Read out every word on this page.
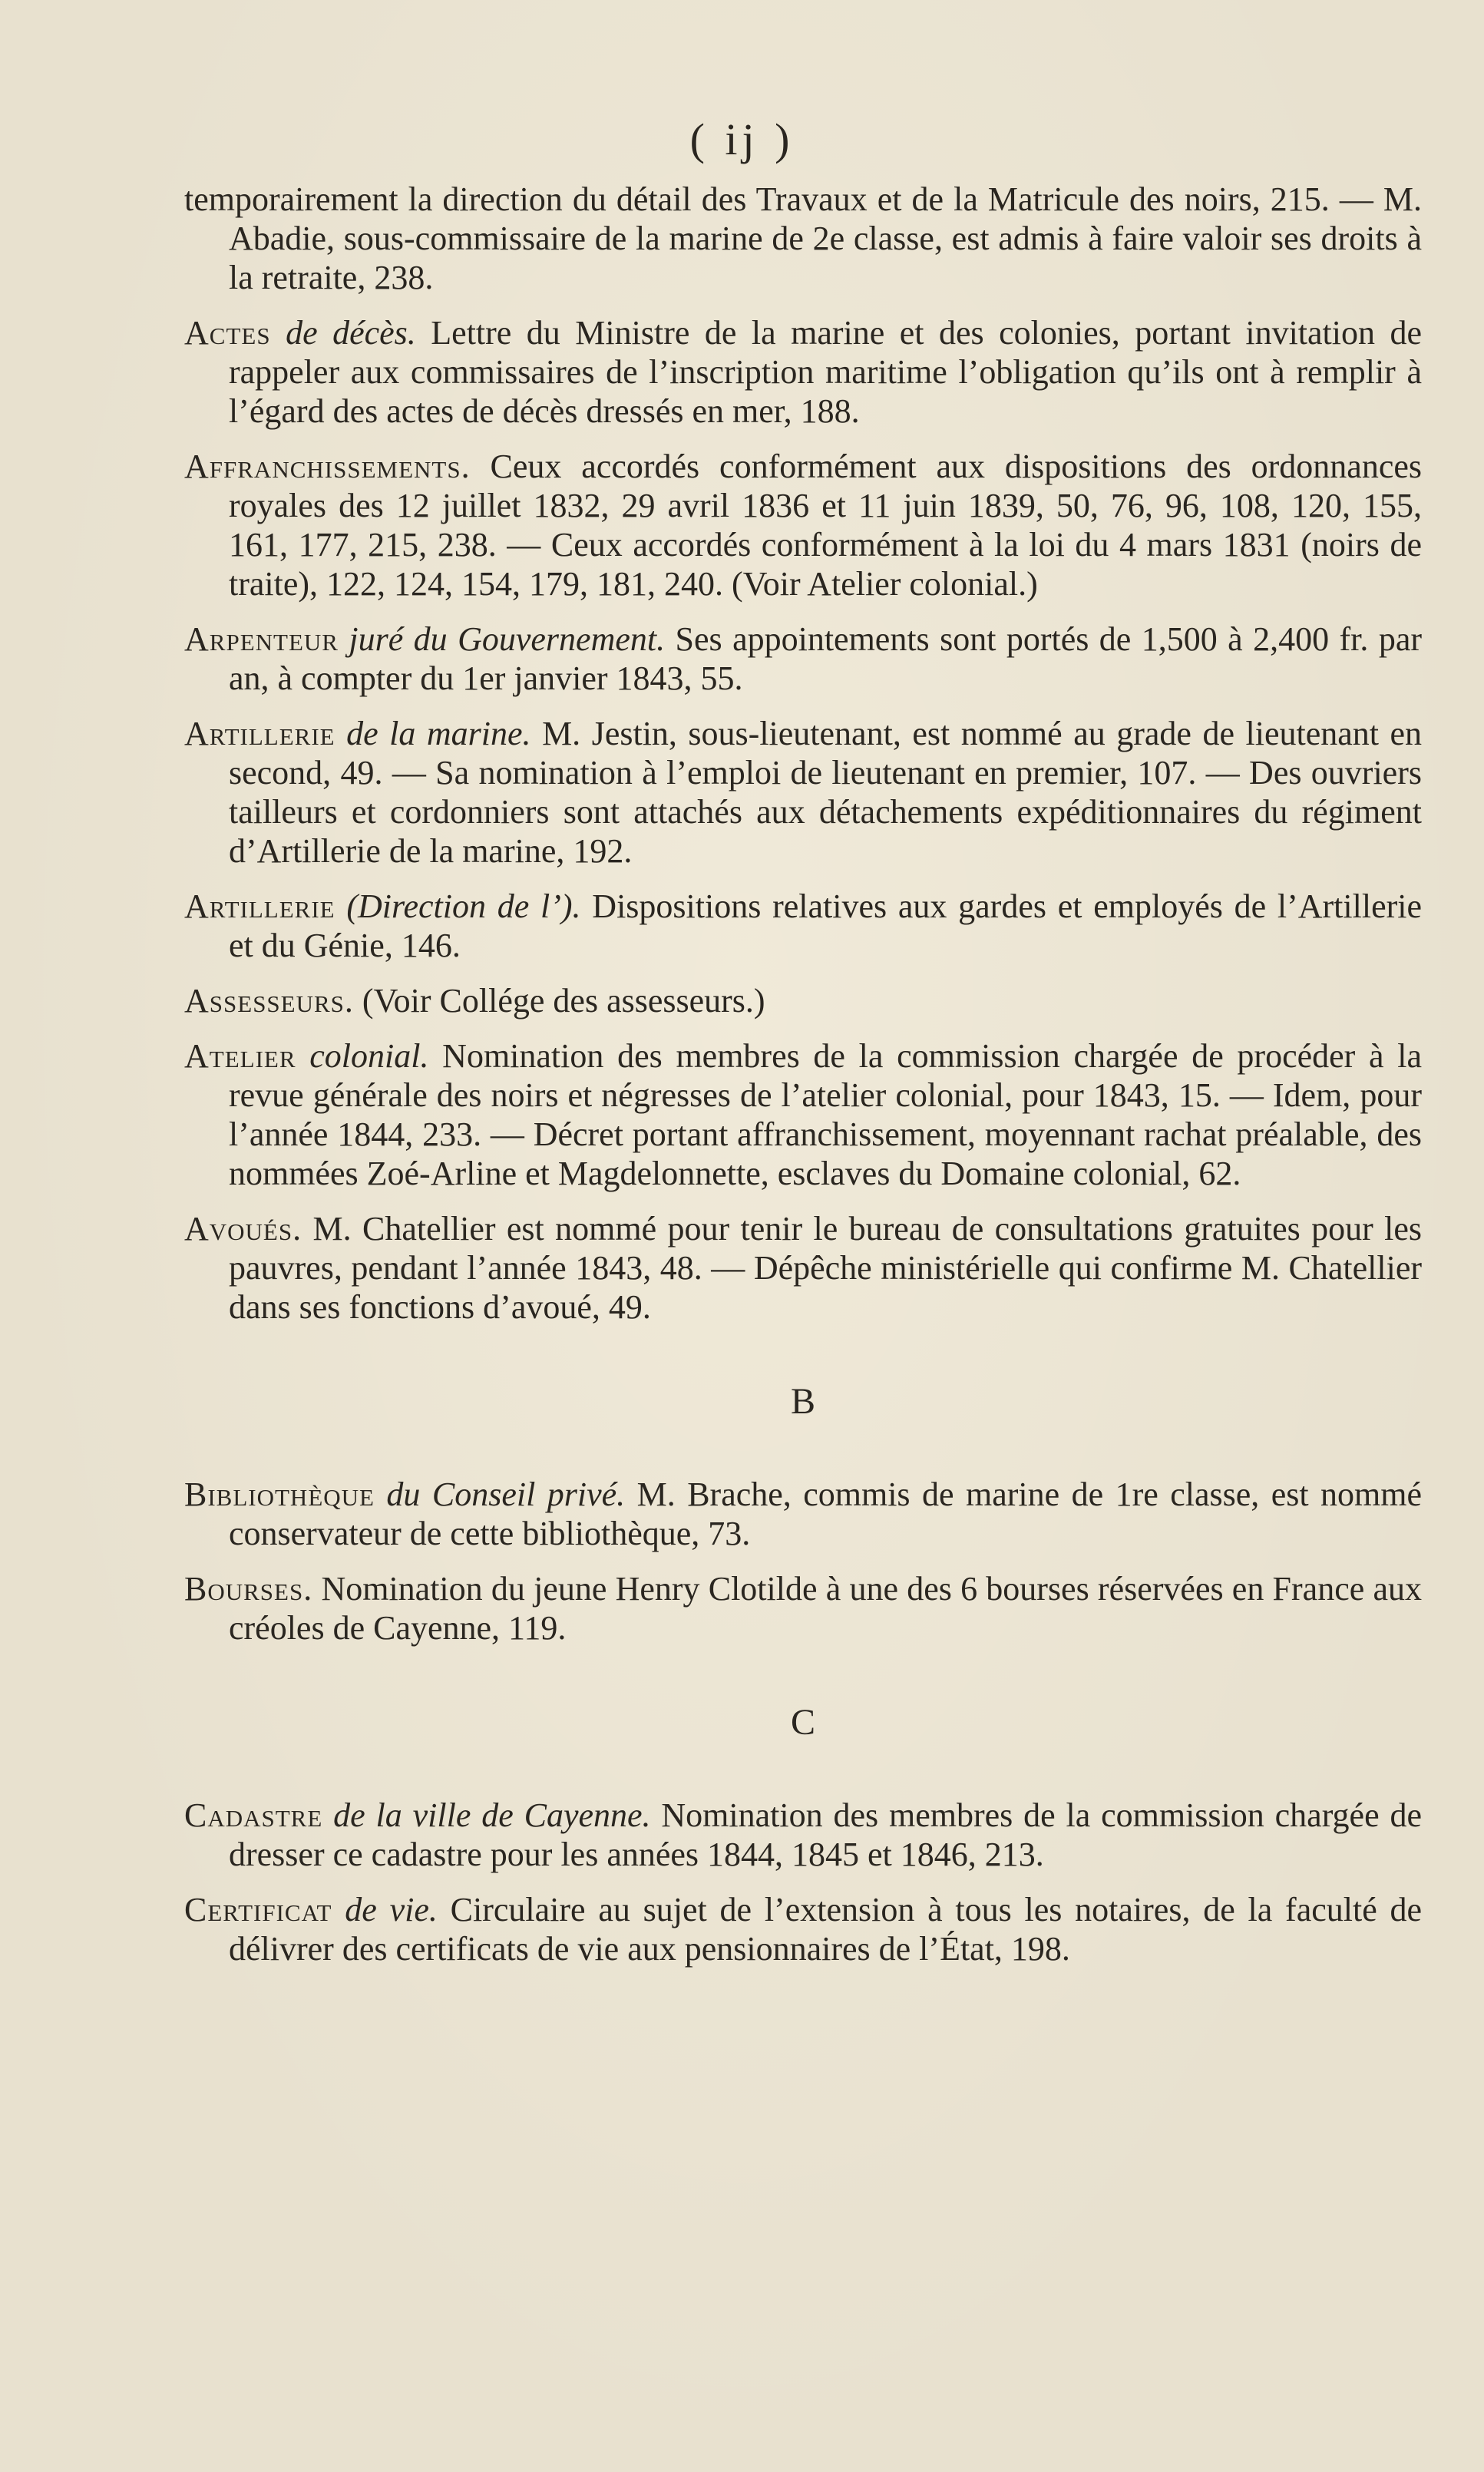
( ij )

temporairement la direction du détail des Travaux et de la Matricule des noirs, 215. — M. Abadie, sous-commissaire de la marine de 2e classe, est admis à faire valoir ses droits à la retraite, 238.

Actes de décès. Lettre du Ministre de la marine et des colonies, portant invitation de rappeler aux commissaires de l’inscription maritime l’obligation qu’ils ont à remplir à l’égard des actes de décès dressés en mer, 188.

Affranchissements. Ceux accordés conformément aux dispositions des ordonnances royales des 12 juillet 1832, 29 avril 1836 et 11 juin 1839, 50, 76, 96, 108, 120, 155, 161, 177, 215, 238. — Ceux accordés conformément à la loi du 4 mars 1831 (noirs de traite), 122, 124, 154, 179, 181, 240. (Voir Atelier colonial.)

Arpenteur juré du Gouvernement. Ses appointements sont portés de 1,500 à 2,400 fr. par an, à compter du 1er janvier 1843, 55.

Artillerie de la marine. M. Jestin, sous-lieutenant, est nommé au grade de lieutenant en second, 49. — Sa nomination à l’emploi de lieutenant en premier, 107. — Des ouvriers tailleurs et cordonniers sont attachés aux détachements expéditionnaires du régiment d’Artillerie de la marine, 192.

Artillerie (Direction de l’). Dispositions relatives aux gardes et employés de l’Artillerie et du Génie, 146.

Assesseurs. (Voir Collége des assesseurs.)

Atelier colonial. Nomination des membres de la commission chargée de procéder à la revue générale des noirs et négresses de l’atelier colonial, pour 1843, 15. — Idem, pour l’année 1844, 233. — Décret portant affranchissement, moyennant rachat préalable, des nommées Zoé-Arline et Magdelonnette, esclaves du Domaine colonial, 62.

Avoués. M. Chatellier est nommé pour tenir le bureau de consultations gratuites pour les pauvres, pendant l’année 1843, 48. — Dépêche ministérielle qui confirme M. Chatellier dans ses fonctions d’avoué, 49.

B

Bibliothèque du Conseil privé. M. Brache, commis de marine de 1re classe, est nommé conservateur de cette bibliothèque, 73.

Bourses. Nomination du jeune Henry Clotilde à une des 6 bourses réservées en France aux créoles de Cayenne, 119.

C

Cadastre de la ville de Cayenne. Nomination des membres de la commission chargée de dresser ce cadastre pour les années 1844, 1845 et 1846, 213.

Certificat de vie. Circulaire au sujet de l’extension à tous les notaires, de la faculté de délivrer des certificats de vie aux pensionnaires de l’État, 198.
